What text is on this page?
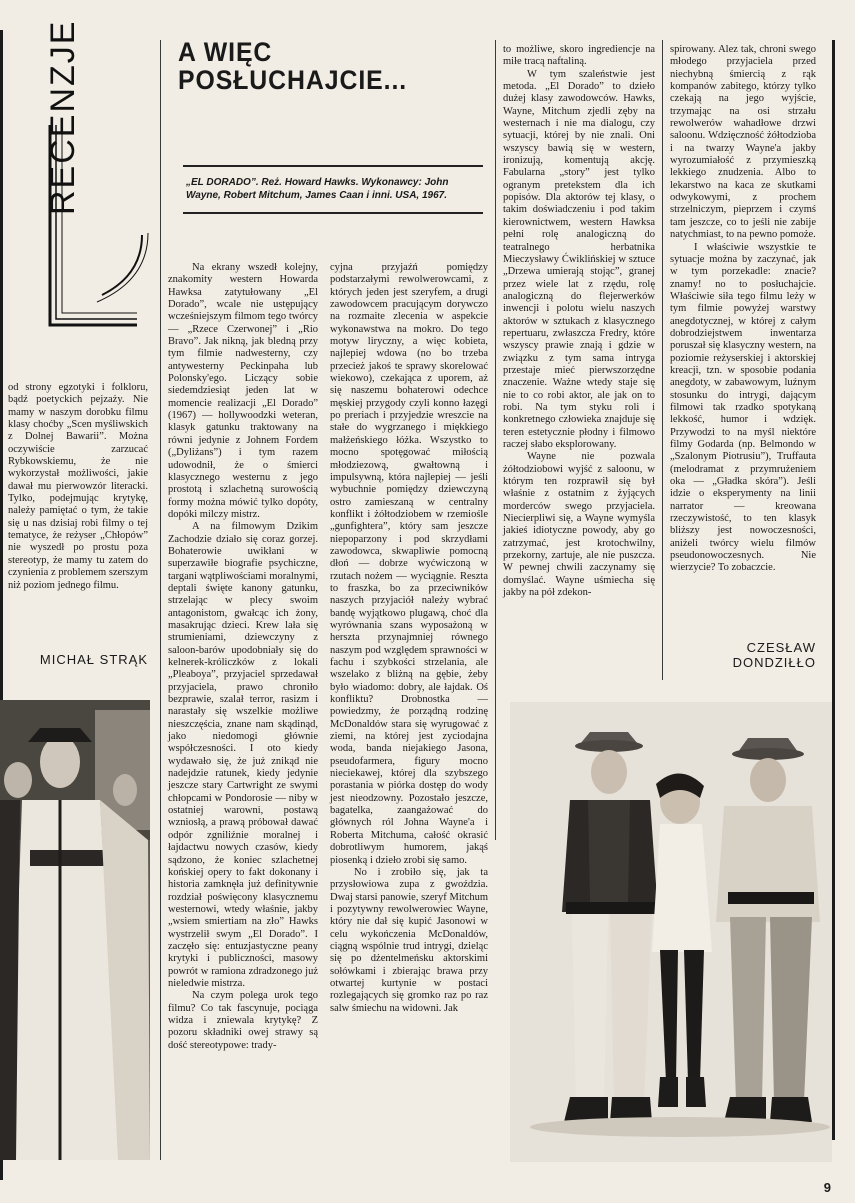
RECENZJE	A WIĘC
POSŁUCHAJCIE...
„EL DORADO”. Reż. Howard Hawks. Wykonawcy: John Wayne, Robert Mitchum, James Caan i inni. USA, 1967.

od strony egzotyki i folkloru, bądź poetyckich pejzaży. Nie mamy w naszym dorobku filmu klasy choćby „Scen myśliwskich z Dolnej Bawarii”. Można oczywiście zarzucać Rybkowskiemu, że nie wykorzystał możliwości, jakie dawał mu pierwowzór literacki. Tylko, podejmując krytykę, należy pamiętać o tym, że takie się u nas dzisiaj robi filmy o tej tematyce, że reżyser „Chłopów” nie wyszedł po prostu poza stereotyp, że mamy tu zatem do czynienia z problemem szerszym niż poziom jednego filmu.

MICHAŁ STRĄK

Na ekrany wszedł kolejny, znakomity western Howarda Hawksa zatytułowany „El Dorado”, wcale nie ustępujący wcześniejszym filmom tego twórcy — „Rzece Czerwonej” i „Rio Bravo”. Jak nikną, jak bledną przy tym filmie nadwesterny, czy antywesterny Peckinpaha lub Polonsky'ego. Liczący sobie siedemdziesiąt jeden lat w momencie realizacji „El Dorado” (1967) — hollywoodzki weteran, klasyk gatunku traktowany na równi jedynie z Johnem Fordem („Dyliżans”) i tym razem udowodnił, że o śmierci klasycznego westernu z jego prostotą i szlachetną surowością formy można mówić tylko dopóty, dopóki milczy mistrz.

A na filmowym Dzikim Zachodzie działo się coraz gorzej. Bohaterowie uwikłani w superzawiłe biografie psychiczne, targani wątpliwościami moralnymi, deptali święte kanony gatunku, strzelając w plecy swoim antagonistom, gwałcąc ich żony, masakrując dzieci. Krew lała się strumieniami, dziewczyny z saloon-barów upodobniały się do kelnerek-króliczków z lokali „Pleaboya”, przyjaciel sprzedawał przyjaciela, prawo chroniło bezprawie, szalał terror, rasizm i narastały się wszelkie możliwe nieszczęścia, znane nam skądinąd, jako niedomogi głównie współczesności. I oto kiedy wydawało się, że już znikąd nie nadejdzie ratunek, kiedy jedynie jeszcze stary Cartwright ze swymi chłopcami w Pondorosie — niby w ostatniej warowni, postawą wzniosłą, a prawą próbował dawać odpór zgniliźnie moralnej i łajdactwu nowych czasów, kiedy sądzono, że koniec szlachetnej końskiej opery to fakt dokonany i historia zamknęła już definitywnie rozdział poświęcony klasycznemu westernowi, wtedy właśnie, jakby „wsiem smiertiam na zło” Hawks wystrzelił swym „El Dorado”. I zaczęło się: entuzjastyczne peany krytyki i publiczności, masowy powrót w ramiona zdradzonego już nieledwie mistrza.

Na czym polega urok tego filmu? Co tak fascynuje, pociąga widza i zniewala krytykę? Z pozoru składniki owej strawy są dość stereotypowe: trady-

cyjna przyjaźń pomiędzy podstarzałymi rewolwerowcami, z których jeden jest szeryfem, a drugi zawodowcem pracującym dorywczo na rozmaite zlecenia w aspekcie wykonawstwa na mokro. Do tego motyw liryczny, a więc kobieta, najlepiej wdowa (no bo trzeba przecież jakoś te sprawy skorelować wiekowo), czekająca z uporem, aż się naszemu bohaterowi odechce męskiej przygody czyli konno łazęgi po preriach i przyjedzie wreszcie na stałe do wygrzanego i miękkiego małżeńskiego łóżka. Wszystko to mocno spotęgować miłością młodziezową, gwałtowną i impulsywną, która najlepiej — jeśli wybuchnie pomiędzy dziewczyną ostro zamieszaną w centralny konflikt i żółtodziobem w rzemiośle „gunfightera”, który sam jeszcze niepoparzony i pod skrzydłami zawodowca, skwapliwie pomocną dłoń — dobrze wyćwiczoną w rzutach nożem — wyciągnie. Reszta to fraszka, bo za przeciwników naszych przyjaciół należy wybrać bandę wyjątkowo plugawą, choć dla wyrównania szans wyposażoną w herszta przynajmniej równego naszym pod względem sprawności w fachu i szybkości strzelania, ale wszelako z bliżną na gębie, żeby było wiadomo: dobry, ale łajdak. Oś konfliktu? Drobnostka — powiedzmy, że porządną rodzinę McDonaldów stara się wyrugować z ziemi, na której jest zyciodajna woda, banda niejakiego Jasona, pseudofarmera, figury mocno nieciekawej, której dla szybszego porastania w piórka dostęp do wody jest nieodzowny. Pozostało jeszcze, bagatelka, zaangażować do głównych ról Johna Wayne'a i Roberta Mitchuma, całość okrasić dobrotliwym humorem, jakąś piosenką i dzieło zrobi się samo.

No i zrobiło się, jak ta przysłowiowa zupa z gwoździa. Dwaj starsi panowie, szeryf Mitchum i pozytywny rewolwerowiec Wayne, który nie dał się kupić Jasonowi w celu wykończenia McDonaldów, ciągną wspólnie trud intrygi, dzieląc się po dżentelmeńsku aktorskimi sołówkami i zbierając brawa przy otwartej kurtynie w postaci rozlegających się gromko raz po raz salw śmiechu na widowni. Jak

to możliwe, skoro ingrediencje na miłe tracą naftaliną.

W tym szaleństwie jest metoda. „El Dorado” to dzieło dużej klasy zawodowców. Hawks, Wayne, Mitchum zjedli zęby na westernach i nie ma dialogu, czy sytuacji, której by nie znali. Oni wszyscy bawią się w western, ironizują, komentują akcję. Fabularna „story” jest tylko ogranym pretekstem dla ich popisów. Dla aktorów tej klasy, o takim doświadczeniu i pod takim kierownictwem, western Hawksa pełni rolę analogiczną do teatralnego herbatnika Mieczysławy Ćwiklińskiej w sztuce „Drzewa umierają stojąc”, granej przez wiele lat z rzędu, rolę analogiczną do flejerwerków inwencji i polotu wielu naszych aktorów w sztukach z klasycznego repertuaru, zwłaszcza Fredry, które wszyscy prawie znają i gdzie w związku z tym sama intryga przestaje mieć pierwszorzędne znaczenie. Ważne wtedy staje się nie to co robi aktor, ale jak on to robi. Na tym styku roli i konkretnego człowieka znajduje się teren estetycznie płodny i filmowo raczej słabo eksplorowany.

Wayne nie pozwala żółtodziobowi wyjść z saloonu, w którym ten rozprawił się był właśnie z ostatnim z żyjących morderców swego przyjaciela. Niecierpliwi się, a Wayne wymyśla jakieś idiotyczne powody, aby go zatrzymać, jest krotochwilny, przekorny, zartuje, ale nie puszcza. W pewnej chwili zaczynamy się domyślać. Wayne uśmiecha się jakby na pół zdekon-

spirowany. Alez tak, chroni swego młodego przyjaciela przed niechybną śmiercią z rąk kompanów zabitego, którzy tylko czekają na jego wyjście, trzymając na osi strzału rewolwerów wahadłowe drzwi saloonu. Wdzięczność żółtodzioba i na twarzy Wayne'a jakby wyrozumiałość z przymieszką lekkiego znudzenia. Albo to lekarstwo na kaca ze skutkami odwykowymi, z prochem strzelniczym, pieprzem i czymś tam jeszcze, co to jeśli nie zabije natychmiast, to na pewno pomoże.

I właściwie wszystkie te sytuacje można by zaczynać, jak w tym porzekadle: znacie? znamy! no to posłuchajcie. Właściwie siła tego filmu leży w tym filmie powyżej warstwy anegdotycznej, w której z całym dobrodziejstwem inwentarza poruszał się klasyczny western, na poziomie reżyserskiej i aktorskiej kreacji, tzn. w sposobie podania anegdoty, w zabawowym, luźnym stosunku do intrygi, dającym filmowi tak rzadko spotykaną lekkość, humor i wdzięk. Przywodzi to na myśl niektóre filmy Godarda (np. Belmondo w „Szalonym Piotrusiu”), Truffauta (melodramat z przymrużeniem oka — „Gładka skóra”). Jeśli idzie o eksperymenty na linii narrator — kreowana rzeczywistość, to ten klasyk bliższy jest nowoczesności, aniżeli twórcy wielu filmów pseudonowoczesnych. Nie wierzycie? To zobaczcie.

CZESŁAW
DONDZIŁŁO
9
